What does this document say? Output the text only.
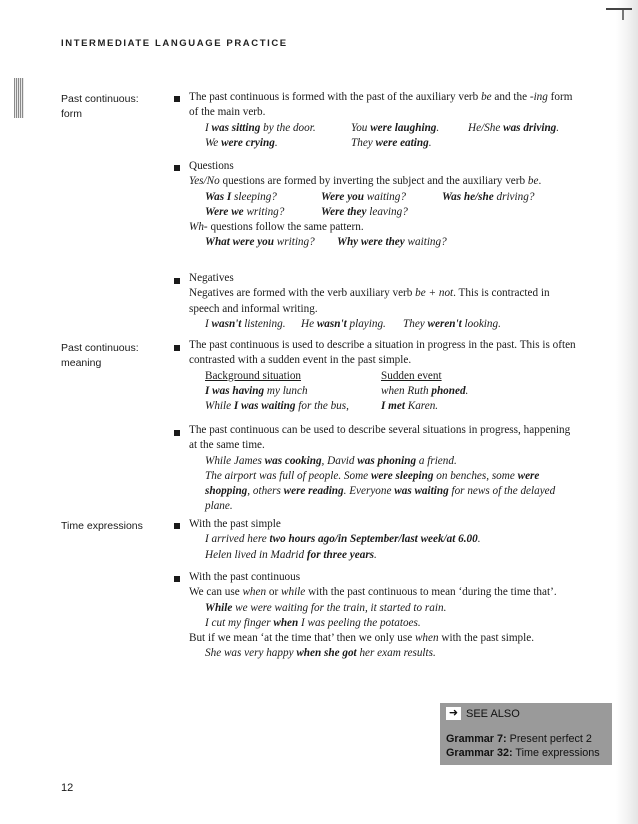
INTERMEDIATE LANGUAGE PRACTICE
Past continuous: form

The past continuous is formed with the past of the auxiliary verb be and the -ing form of the main verb.

I was sitting by the door.	You were laughing.	He/She was driving.
We were crying.	They were eating.

Questions

Yes/No questions are formed by inverting the subject and the auxiliary verb be.

Was I sleeping?	Were you waiting?	Was he/she driving?
Were we writing?	Were they leaving?

Wh- questions follow the same pattern.

What were you writing?	Why were they waiting?

Negatives

Negatives are formed with the verb auxiliary verb be + not. This is contracted in speech and informal writing.

I wasn't listening.	He wasn't playing.	They weren't looking.
Past continuous: meaning

The past continuous is used to describe a situation in progress in the past. This is often contrasted with a sudden event in the past simple.

Background situation	Sudden event
I was having my lunch	when Ruth phoned.
While I was waiting for the bus,	I met Karen.

The past continuous can be used to describe several situations in progress, happening at the same time.

While James was cooking, David was phoning a friend.

The airport was full of people. Some were sleeping on benches, some were shopping, others were reading. Everyone was waiting for news of the delayed plane.

Time expressions	With the past simple

I arrived here two hours ago/in September/last week/at 6.00.

Helen lived in Madrid for three years.

With the past continuous

We can use when or while with the past continuous to mean ‘during the time that’.

While we were waiting for the train, it started to rain.

I cut my finger when I was peeling the potatoes.

But if we mean ‘at the time that’ then we only use when with the past simple.

She was very happy when she got her exam results.

➜ SEE ALSO
Grammar 7: Present perfect 2
Grammar 32: Time expressions
12
